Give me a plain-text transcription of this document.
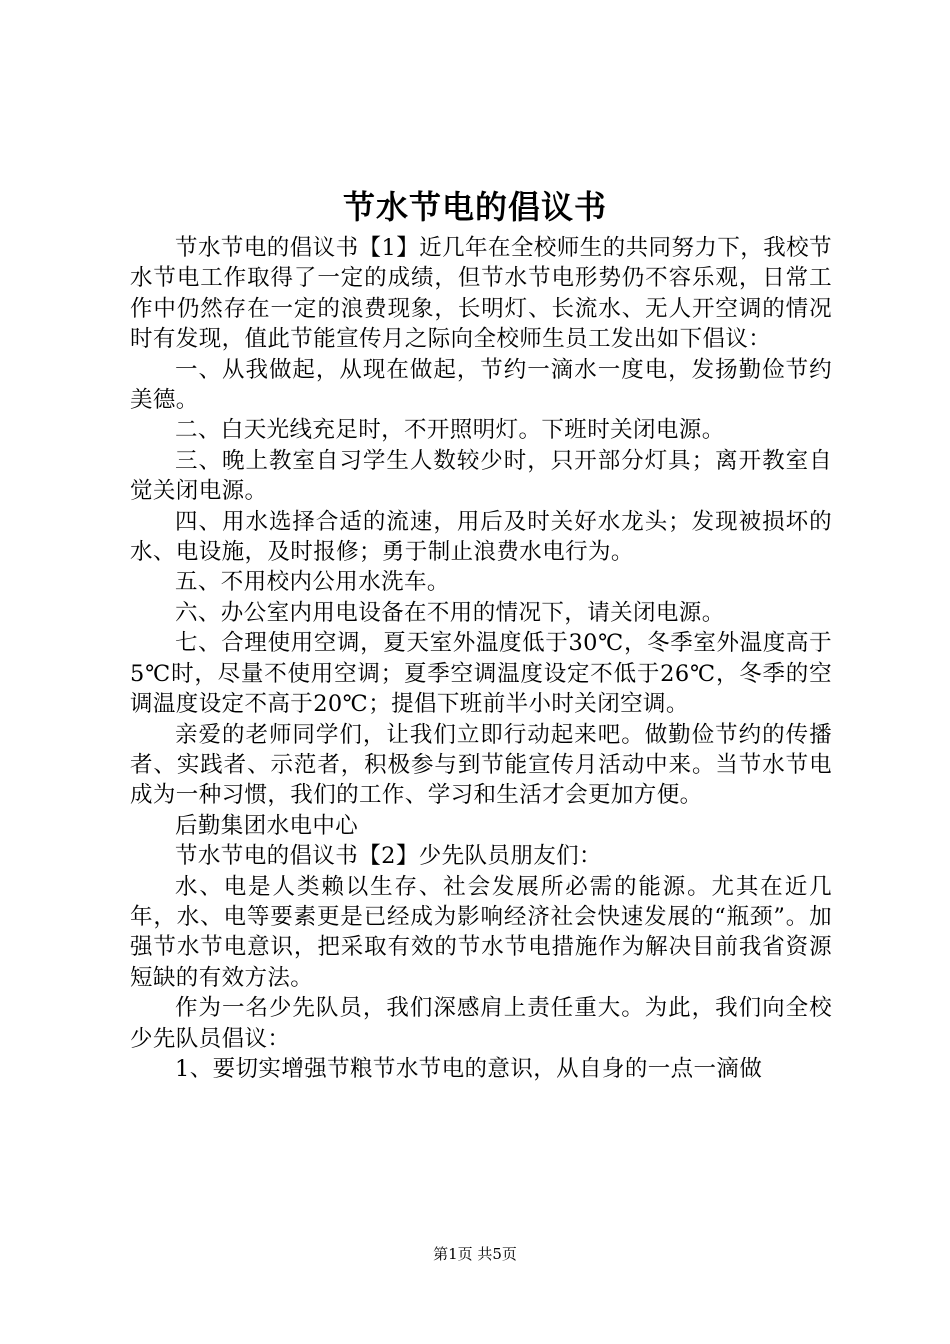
节水节电的倡议书

节水节电的倡议书【1】近几年在全校师生的共同努力下，我校节水节电工作取得了一定的成绩，但节水节电形势仍不容乐观，日常工作中仍然存在一定的浪费现象，长明灯、长流水、无人开空调的情况时有发现，值此节能宣传月之际向全校师生员工发出如下倡议：

一、从我做起，从现在做起，节约一滴水一度电，发扬勤俭节约美德。

二、白天光线充足时，不开照明灯。下班时关闭电源。

三、晚上教室自习学生人数较少时，只开部分灯具；离开教室自觉关闭电源。

四、用水选择合适的流速，用后及时关好水龙头；发现被损坏的水、电设施，及时报修；勇于制止浪费水电行为。

五、不用校内公用水洗车。

六、办公室内用电设备在不用的情况下，请关闭电源。

七、合理使用空调，夏天室外温度低于30℃，冬季室外温度高于5℃时，尽量不使用空调；夏季空调温度设定不低于26℃，冬季的空调温度设定不高于20℃；提倡下班前半小时关闭空调。

亲爱的老师同学们，让我们立即行动起来吧。做勤俭节约的传播者、实践者、示范者，积极参与到节能宣传月活动中来。当节水节电成为一种习惯，我们的工作、学习和生活才会更加方便。

后勤集团水电中心

节水节电的倡议书【2】少先队员朋友们：

水、电是人类赖以生存、社会发展所必需的能源。尤其在近几年，水、电等要素更是已经成为影响经济社会快速发展的“瓶颈”。加强节水节电意识，把采取有效的节水节电措施作为解决目前我省资源短缺的有效方法。

作为一名少先队员，我们深感肩上责任重大。为此，我们向全校少先队员倡议：

1、要切实增强节粮节水节电的意识，从自身的一点一滴做

第1页 共5页
